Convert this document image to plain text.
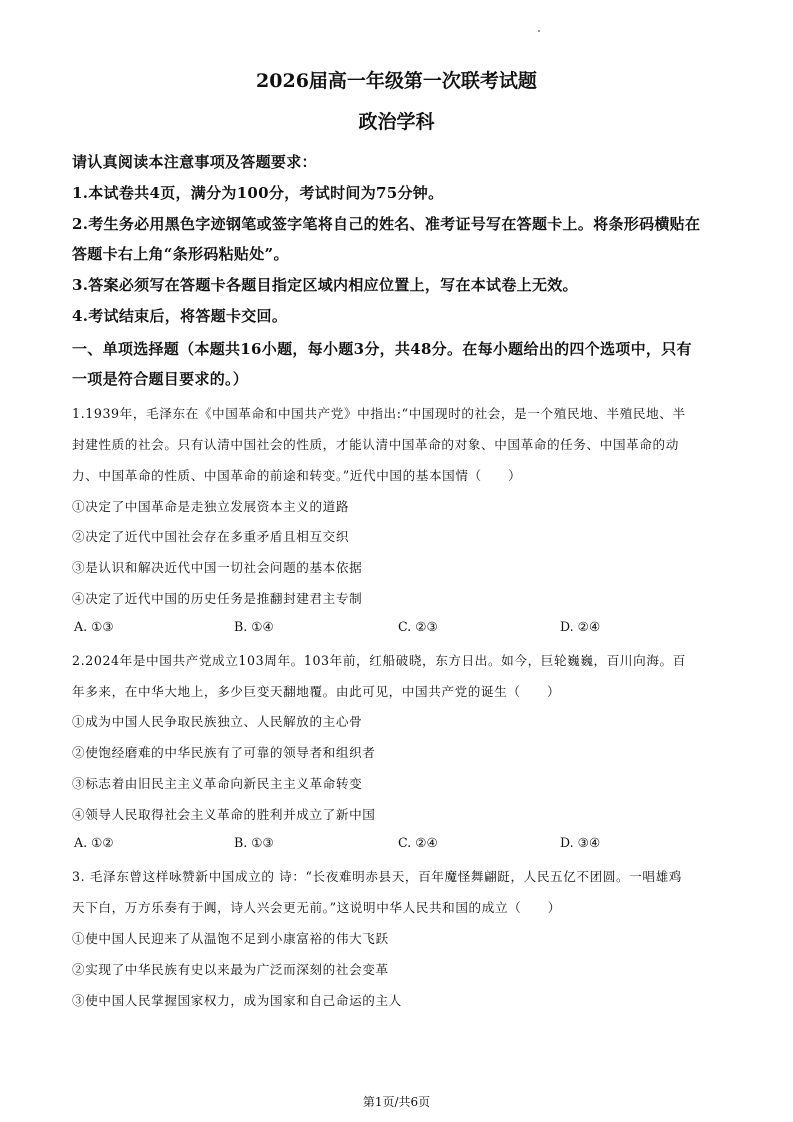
2026届高一年级第一次联考试题
政治学科

请认真阅读本注意事项及答题要求：

1.本试卷共4页，满分为100分，考试时间为75分钟。

2.考生务必用黑色字迹钢笔或签字笔将自己的姓名、准考证号写在答题卡上。将条形码横贴在

答题卡右上角“条形码粘贴处”。

3.答案必须写在答题卡各题目指定区域内相应位置上，写在本试卷上无效。

4.考试结束后，将答题卡交回。

一、单项选择题（本题共16小题，每小题3分，共48分。在每小题给出的四个选项中，只有

一项是符合题目要求的。）

1.1939年，毛泽东在《中国革命和中国共产党》中指出:“中国现时的社会，是一个殖民地、半殖民地、半

封建性质的社会。只有认清中国社会的性质，才能认清中国革命的对象、中国革命的任务、中国革命的动

力、中国革命的性质、中国革命的前途和转变。”近代中国的基本国情（　　）

①决定了中国革命是走独立发展资本主义的道路

②决定了近代中国社会存在多重矛盾且相互交织

③是认识和解决近代中国一切社会问题的基本依据

④决定了近代中国的历史任务是推翻封建君主专制

A. ①③	B. ①④	C. ②③	D. ②④

2.2024年是中国共产党成立103周年。103年前，红船破晓，东方日出。如今，巨轮巍巍，百川向海。百

年多来，在中华大地上，多少巨变天翻地覆。由此可见，中国共产党的诞生（　　）

①成为中国人民争取民族独立、人民解放的主心骨

②使饱经磨难的中华民族有了可靠的领导者和组织者

③标志着由旧民主主义革命向新民主主义革命转变

④领导人民取得社会主义革命的胜利并成立了新中国

A. ①②	B. ①③	C. ②④	D. ③④

3. 毛泽东曾这样咏赞新中国成立的 诗：“长夜难明赤县天，百年魔怪舞翩跹，人民五亿不团圆。一唱雄鸡

天下白，万方乐奏有于阗，诗人兴会更无前。”这说明中华人民共和国的成立（　　）

①使中国人民迎来了从温饱不足到小康富裕的伟大飞跃

②实现了中华民族有史以来最为广泛而深刻的社会变革

③使中国人民掌握国家权力，成为国家和自己命运的主人

第1页/共6页
